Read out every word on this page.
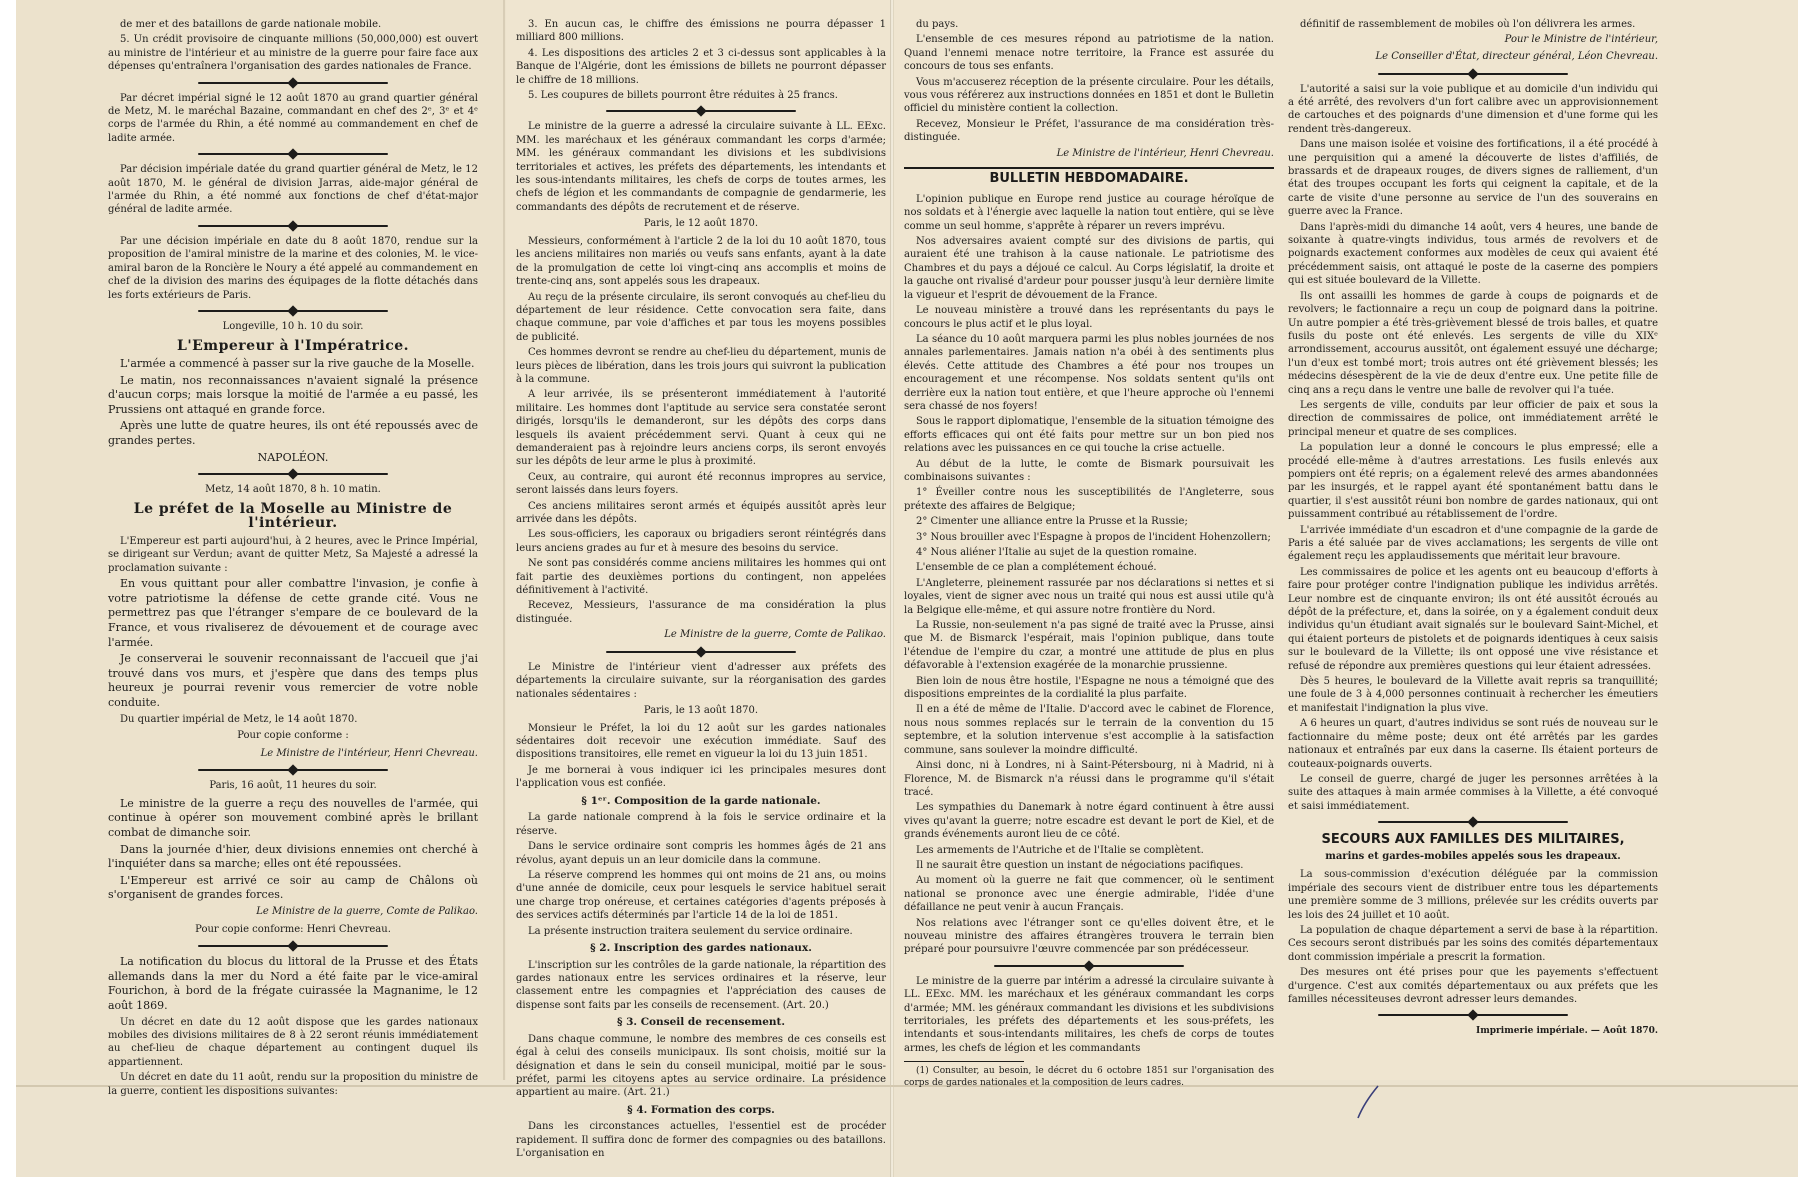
de mer et des bataillons de garde nationale mobile.

5. Un crédit provisoire de cinquante millions (50,000,000) est ouvert au ministre de l'intérieur et au ministre de la guerre pour faire face aux dépenses qu'entraînera l'organisation des gardes nationales de France.

Par décret impérial signé le 12 août 1870 au grand quartier général de Metz, M. le maréchal Bazaine, commandant en chef des 2ᵉ, 3ᵉ et 4ᵉ corps de l'armée du Rhin, a été nommé au commandement en chef de ladite armée.

Par décision impériale datée du grand quartier général de Metz, le 12 août 1870, M. le général de division Jarras, aide-major général de l'armée du Rhin, a été nommé aux fonctions de chef d'état-major général de ladite armée.

Par une décision impériale en date du 8 août 1870, rendue sur la proposition de l'amiral ministre de la marine et des colonies, M. le vice-amiral baron de la Roncière le Noury a été appelé au commandement en chef de la division des marins des équipages de la flotte détachés dans les forts extérieurs de Paris.

Longeville, 10 h. 10 du soir.

L'Empereur à l'Impératrice.

L'armée a commencé à passer sur la rive gauche de la Moselle.

Le matin, nos reconnaissances n'avaient signalé la présence d'aucun corps; mais lorsque la moitié de l'armée a eu passé, les Prussiens ont attaqué en grande force.

Après une lutte de quatre heures, ils ont été repoussés avec de grandes pertes.

NAPOLÉON.

Metz, 14 août 1870, 8 h. 10 matin.

Le préfet de la Moselle au Ministre de l'intérieur.

L'Empereur est parti aujourd'hui, à 2 heures, avec le Prince Impérial, se dirigeant sur Verdun; avant de quitter Metz, Sa Majesté a adressé la proclamation suivante :

En vous quittant pour aller combattre l'invasion, je confie à votre patriotisme la défense de cette grande cité. Vous ne permettrez pas que l'étranger s'empare de ce boulevard de la France, et vous rivaliserez de dévouement et de courage avec l'armée.

Je conserverai le souvenir reconnaissant de l'accueil que j'ai trouvé dans vos murs, et j'espère que dans des temps plus heureux je pourrai revenir vous remercier de votre noble conduite.

Du quartier impérial de Metz, le 14 août 1870.

Pour copie conforme :

Le Ministre de l'intérieur, Henri Chevreau.

Paris, 16 août, 11 heures du soir.

Le ministre de la guerre a reçu des nouvelles de l'armée, qui continue à opérer son mouvement combiné après le brillant combat de dimanche soir.

Dans la journée d'hier, deux divisions ennemies ont cherché à l'inquiéter dans sa marche; elles ont été repoussées.

L'Empereur est arrivé ce soir au camp de Châlons où s'organisent de grandes forces.

Le Ministre de la guerre, Comte de Palikao.

Pour copie conforme: Henri Chevreau.

La notification du blocus du littoral de la Prusse et des États allemands dans la mer du Nord a été faite par le vice-amiral Fourichon, à bord de la frégate cuirassée la Magnanime, le 12 août 1869.

Un décret en date du 12 août dispose que les gardes nationaux mobiles des divisions militaires de 8 à 22 seront réunis immédiatement au chef-lieu de chaque département au contingent duquel ils appartiennent.

Un décret en date du 11 août, rendu sur la proposition du ministre de la guerre, contient les dispositions suivantes:

3. En aucun cas, le chiffre des émissions ne pourra dépasser 1 milliard 800 millions.

4. Les dispositions des articles 2 et 3 ci-dessus sont applicables à la Banque de l'Algérie, dont les émissions de billets ne pourront dépasser le chiffre de 18 millions.

5. Les coupures de billets pourront être réduites à 25 francs.

Le ministre de la guerre a adressé la circulaire suivante à LL. EExc. MM. les maréchaux et les généraux commandant les corps d'armée; MM. les généraux commandant les divisions et les subdivisions territoriales et actives, les préfets des départements, les intendants et les sous-intendants militaires, les chefs de corps de toutes armes, les chefs de légion et les commandants de compagnie de gendarmerie, les commandants des dépôts de recrutement et de réserve.

Paris, le 12 août 1870.

Messieurs, conformément à l'article 2 de la loi du 10 août 1870, tous les anciens militaires non mariés ou veufs sans enfants, ayant à la date de la promulgation de cette loi vingt-cinq ans accomplis et moins de trente-cinq ans, sont appelés sous les drapeaux.

Au reçu de la présente circulaire, ils seront convoqués au chef-lieu du département de leur résidence. Cette convocation sera faite, dans chaque commune, par voie d'affiches et par tous les moyens possibles de publicité.

Ces hommes devront se rendre au chef-lieu du département, munis de leurs pièces de libération, dans les trois jours qui suivront la publication à la commune.

A leur arrivée, ils se présenteront immédiatement à l'autorité militaire. Les hommes dont l'aptitude au service sera constatée seront dirigés, lorsqu'ils le demanderont, sur les dépôts des corps dans lesquels ils avaient précédemment servi. Quant à ceux qui ne demanderaient pas à rejoindre leurs anciens corps, ils seront envoyés sur les dépôts de leur arme le plus à proximité.

Ceux, au contraire, qui auront été reconnus impropres au service, seront laissés dans leurs foyers.

Ces anciens militaires seront armés et équipés aussitôt après leur arrivée dans les dépôts.

Les sous-officiers, les caporaux ou brigadiers seront réintégrés dans leurs anciens grades au fur et à mesure des besoins du service.

Ne sont pas considérés comme anciens militaires les hommes qui ont fait partie des deuxièmes portions du contingent, non appelées définitivement à l'activité.

Recevez, Messieurs, l'assurance de ma considération la plus distinguée.

Le Ministre de la guerre, Comte de Palikao.

Le Ministre de l'intérieur vient d'adresser aux préfets des départements la circulaire suivante, sur la réorganisation des gardes nationales sédentaires :

Paris, le 13 août 1870.

Monsieur le Préfet, la loi du 12 août sur les gardes nationales sédentaires doit recevoir une exécution immédiate. Sauf des dispositions transitoires, elle remet en vigueur la loi du 13 juin 1851.

Je me bornerai à vous indiquer ici les principales mesures dont l'application vous est confiée.

§ 1ᵉʳ. Composition de la garde nationale.

La garde nationale comprend à la fois le service ordinaire et la réserve.

Dans le service ordinaire sont compris les hommes âgés de 21 ans révolus, ayant depuis un an leur domicile dans la commune.

La réserve comprend les hommes qui ont moins de 21 ans, ou moins d'une année de domicile, ceux pour lesquels le service habituel serait une charge trop onéreuse, et certaines catégories d'agents préposés à des services actifs déterminés par l'article 14 de la loi de 1851.

La présente instruction traitera seulement du service ordinaire.

§ 2. Inscription des gardes nationaux.

L'inscription sur les contrôles de la garde nationale, la répartition des gardes nationaux entre les services ordinaires et la réserve, leur classement entre les compagnies et l'appréciation des causes de dispense sont faits par les conseils de recensement. (Art. 20.)

§ 3. Conseil de recensement.

Dans chaque commune, le nombre des membres de ces conseils est égal à celui des conseils municipaux. Ils sont choisis, moitié sur la désignation et dans le sein du conseil municipal, moitié par le sous-préfet, parmi les citoyens aptes au service ordinaire. La présidence appartient au maire. (Art. 21.)

§ 4. Formation des corps.

Dans les circonstances actuelles, l'essentiel est de procéder rapidement. Il suffira donc de former des compagnies ou des bataillons. L'organisation en

du pays.

L'ensemble de ces mesures répond au patriotisme de la nation. Quand l'ennemi menace notre territoire, la France est assurée du concours de tous ses enfants.

Vous m'accuserez réception de la présente circulaire. Pour les détails, vous vous référerez aux instructions données en 1851 et dont le Bulletin officiel du ministère contient la collection.

Recevez, Monsieur le Préfet, l'assurance de ma considération très-distinguée.

Le Ministre de l'intérieur, Henri Chevreau.

BULLETIN HEBDOMADAIRE.

L'opinion publique en Europe rend justice au courage héroïque de nos soldats et à l'énergie avec laquelle la nation tout entière, qui se lève comme un seul homme, s'apprête à réparer un revers imprévu.

Nos adversaires avaient compté sur des divisions de partis, qui auraient été une trahison à la cause nationale. Le patriotisme des Chambres et du pays a déjoué ce calcul. Au Corps législatif, la droite et la gauche ont rivalisé d'ardeur pour pousser jusqu'à leur dernière limite la vigueur et l'esprit de dévouement de la France.

Le nouveau ministère a trouvé dans les représentants du pays le concours le plus actif et le plus loyal.

La séance du 10 août marquera parmi les plus nobles journées de nos annales parlementaires. Jamais nation n'a obéi à des sentiments plus élevés. Cette attitude des Chambres a été pour nos troupes un encouragement et une récompense. Nos soldats sentent qu'ils ont derrière eux la nation tout entière, et que l'heure approche où l'ennemi sera chassé de nos foyers!

Sous le rapport diplomatique, l'ensemble de la situation témoigne des efforts efficaces qui ont été faits pour mettre sur un bon pied nos relations avec les puissances en ce qui touche la crise actuelle.

Au début de la lutte, le comte de Bismark poursuivait les combinaisons suivantes :

1° Éveiller contre nous les susceptibilités de l'Angleterre, sous prétexte des affaires de Belgique;

2° Cimenter une alliance entre la Prusse et la Russie;

3° Nous brouiller avec l'Espagne à propos de l'incident Hohenzollern;

4° Nous aliéner l'Italie au sujet de la question romaine.

L'ensemble de ce plan a complétement échoué.

L'Angleterre, pleinement rassurée par nos déclarations si nettes et si loyales, vient de signer avec nous un traité qui nous est aussi utile qu'à la Belgique elle-même, et qui assure notre frontière du Nord.

La Russie, non-seulement n'a pas signé de traité avec la Prusse, ainsi que M. de Bismarck l'espérait, mais l'opinion publique, dans toute l'étendue de l'empire du czar, a montré une attitude de plus en plus défavorable à l'extension exagérée de la monarchie prussienne.

Bien loin de nous être hostile, l'Espagne ne nous a témoigné que des dispositions empreintes de la cordialité la plus parfaite.

Il en a été de même de l'Italie. D'accord avec le cabinet de Florence, nous nous sommes replacés sur le terrain de la convention du 15 septembre, et la solution intervenue s'est accomplie à la satisfaction commune, sans soulever la moindre difficulté.

Ainsi donc, ni à Londres, ni à Saint-Pétersbourg, ni à Madrid, ni à Florence, M. de Bismarck n'a réussi dans le programme qu'il s'était tracé.

Les sympathies du Danemark à notre égard continuent à être aussi vives qu'avant la guerre; notre escadre est devant le port de Kiel, et de grands événements auront lieu de ce côté.

Les armements de l'Autriche et de l'Italie se complètent.

Il ne saurait être question un instant de négociations pacifiques.

Au moment où la guerre ne fait que commencer, où le sentiment national se prononce avec une énergie admirable, l'idée d'une défaillance ne peut venir à aucun Français.

Nos relations avec l'étranger sont ce qu'elles doivent être, et le nouveau ministre des affaires étrangères trouvera le terrain bien préparé pour poursuivre l'œuvre commencée par son prédécesseur.

Le ministre de la guerre par intérim a adressé la circulaire suivante à LL. EExc. MM. les maréchaux et les généraux commandant les corps d'armée; MM. les généraux commandant les divisions et les subdivisions territoriales, les préfets des départements et les sous-préfets, les intendants et sous-intendants militaires, les chefs de corps de toutes armes, les chefs de légion et les commandants

(1) Consulter, au besoin, le décret du 6 octobre 1851 sur l'organisation des corps de gardes nationales et la composition de leurs cadres.

définitif de rassemblement de mobiles où l'on délivrera les armes.

Pour le Ministre de l'intérieur,

Le Conseiller d'État, directeur général, Léon Chevreau.

L'autorité a saisi sur la voie publique et au domicile d'un individu qui a été arrêté, des revolvers d'un fort calibre avec un approvisionnement de cartouches et des poignards d'une dimension et d'une forme qui les rendent très-dangereux.

Dans une maison isolée et voisine des fortifications, il a été procédé à une perquisition qui a amené la découverte de listes d'affiliés, de brassards et de drapeaux rouges, de divers signes de ralliement, d'un état des troupes occupant les forts qui ceignent la capitale, et de la carte de visite d'une personne au service de l'un des souverains en guerre avec la France.

Dans l'après-midi du dimanche 14 août, vers 4 heures, une bande de soixante à quatre-vingts individus, tous armés de revolvers et de poignards exactement conformes aux modèles de ceux qui avaient été précédemment saisis, ont attaqué le poste de la caserne des pompiers qui est située boulevard de la Villette.

Ils ont assailli les hommes de garde à coups de poignards et de revolvers; le factionnaire a reçu un coup de poignard dans la poitrine. Un autre pompier a été très-grièvement blessé de trois balles, et quatre fusils du poste ont été enlevés. Les sergents de ville du XIXᵉ arrondissement, accourus aussitôt, ont également essuyé une décharge; l'un d'eux est tombé mort; trois autres ont été grièvement blessés; les médecins désespèrent de la vie de deux d'entre eux. Une petite fille de cinq ans a reçu dans le ventre une balle de revolver qui l'a tuée.

Les sergents de ville, conduits par leur officier de paix et sous la direction de commissaires de police, ont immédiatement arrêté le principal meneur et quatre de ses complices.

La population leur a donné le concours le plus empressé; elle a procédé elle-même à d'autres arrestations. Les fusils enlevés aux pompiers ont été repris; on a également relevé des armes abandonnées par les insurgés, et le rappel ayant été spontanément battu dans le quartier, il s'est aussitôt réuni bon nombre de gardes nationaux, qui ont puissamment contribué au rétablissement de l'ordre.

L'arrivée immédiate d'un escadron et d'une compagnie de la garde de Paris a été saluée par de vives acclamations; les sergents de ville ont également reçu les applaudissements que méritait leur bravoure.

Les commissaires de police et les agents ont eu beaucoup d'efforts à faire pour protéger contre l'indignation publique les individus arrêtés. Leur nombre est de cinquante environ; ils ont été aussitôt écroués au dépôt de la préfecture, et, dans la soirée, on y a également conduit deux individus qu'un étudiant avait signalés sur le boulevard Saint-Michel, et qui étaient porteurs de pistolets et de poignards identiques à ceux saisis sur le boulevard de la Villette; ils ont opposé une vive résistance et refusé de répondre aux premières questions qui leur étaient adressées.

Dès 5 heures, le boulevard de la Villette avait repris sa tranquillité; une foule de 3 à 4,000 personnes continuait à rechercher les émeutiers et manifestait l'indignation la plus vive.

A 6 heures un quart, d'autres individus se sont rués de nouveau sur le factionnaire du même poste; deux ont été arrêtés par les gardes nationaux et entraînés par eux dans la caserne. Ils étaient porteurs de couteaux-poignards ouverts.

Le conseil de guerre, chargé de juger les personnes arrêtées à la suite des attaques à main armée commises à la Villette, a été convoqué et saisi immédiatement.

SECOURS AUX FAMILLES DES MILITAIRES,
marins et gardes-mobiles appelés sous les drapeaux.

La sous-commission d'exécution déléguée par la commission impériale des secours vient de distribuer entre tous les départements une première somme de 3 millions, prélevée sur les crédits ouverts par les lois des 24 juillet et 10 août.

La population de chaque département a servi de base à la répartition. Ces secours seront distribués par les soins des comités départementaux dont commission impériale a prescrit la formation.

Des mesures ont été prises pour que les payements s'effectuent d'urgence. C'est aux comités départementaux ou aux préfets que les familles nécessiteuses devront adresser leurs demandes.

Imprimerie impériale. — Août 1870.
